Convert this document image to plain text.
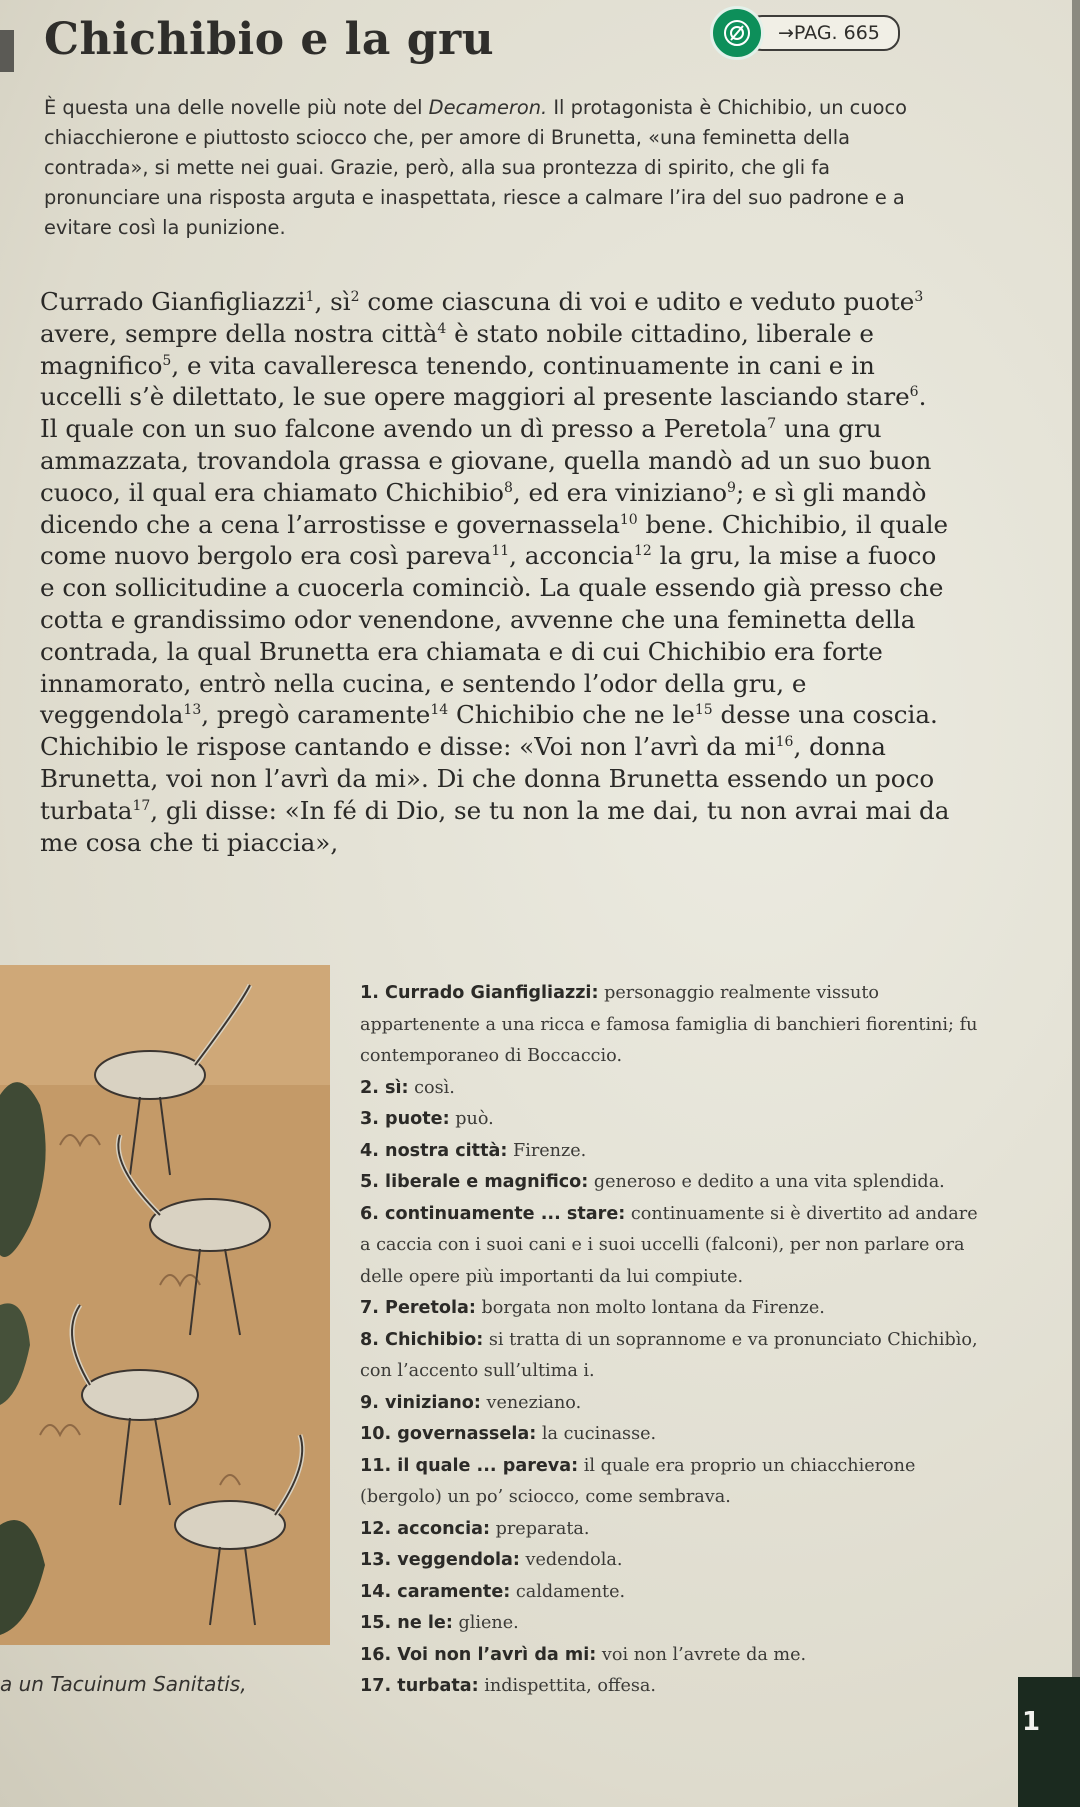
Chichibio e la gru	→PAG. 665

È questa una delle novelle più note del Decameron. Il protagonista è Chichibio, un cuoco chiacchierone e piuttosto sciocco che, per amore di Brunetta, «una feminetta della contrada», si mette nei guai. Grazie, però, alla sua prontezza di spirito, che gli fa pronunciare una risposta arguta e inaspettata, riesce a calmare l’ira del suo padrone e a evitare così la punizione.

Currado Gianfigliazzi$^1$, $sì^2$ come ciascuna di voi e udito e veduto puote$^3$ avere, sempre della nostra città$^4$ è stato nobile cittadino, liberale e magnifico$^5$, e vita cavalleresca tenendo, continuamente in cani e in uccelli s’è dilettato, le sue opere maggiori al presente lasciando stare$^6$. Il quale con un suo falcone avendo un dì presso a Peretola$^7$ una gru ammazzata, trovandola grassa e giovane, quella mandò ad un suo buon cuoco, il qual era chiamato Chichibio$^8$, ed era viniziano$^9$; e sì gli mandò dicendo che a cena l’arrostisse e governassela$^{10}$ bene. Chichibio, il quale come nuovo bergolo era così pareva$^{11}$, acconcia$^{12}$ la gru, la mise a fuoco e con sollicitudine a cuocerla cominciò. La quale essendo già presso che cotta e grandissimo odor venendone, avvenne che una feminetta della contrada, la qual Brunetta era chiamata e di cui Chichibio era forte innamorato, entrò nella cucina, e sentendo l’odor della gru, e veggendola$^{13}$, pregò caramente$^{14}$ Chichibio che ne $le^{15}$ desse una coscia. Chichibio le rispose cantando e disse: «Voi non l’avrì da $mi^{16}$, donna Brunetta, voi non l’avrì da mi». Di che donna Brunetta essendo un poco turbata$^{17}$, gli disse: «In fé di Dio, se tu non la me dai, tu non avrai mai da me cosa che ti piaccia»,

a un Tacuinum Sanitatis,
1. Currado Gianfigliazzi: personaggio realmente vissuto appartenente a una ricca e famosa famiglia di banchieri fiorentini; fu contemporaneo di Boccaccio.
2. sì: così.
3. puote: può.
4. nostra città: Firenze.
5. liberale e magnifico: generoso e dedito a una vita splendida.
6. continuamente ... stare: continuamente si è divertito ad andare a caccia con i suoi cani e i suoi uccelli (falconi), per non parlare ora delle opere più importanti da lui compiute.
7. Peretola: borgata non molto lontana da Firenze.
8. Chichibio: si tratta di un soprannome e va pronunciato Chichibìo, con l’accento sull’ultima i.
9. viniziano: veneziano.
10. governassela: la cucinasse.
11. il quale ... pareva: il quale era proprio un chiacchierone (bergolo) un po’ sciocco, come sembrava.
12. acconcia: preparata.
13. veggendola: vedendola.
14. caramente: caldamente.
15. ne le: gliene.
16. Voi non l’avrì da mi: voi non l’avrete da me.
17. turbata: indispettita, offesa.
1
